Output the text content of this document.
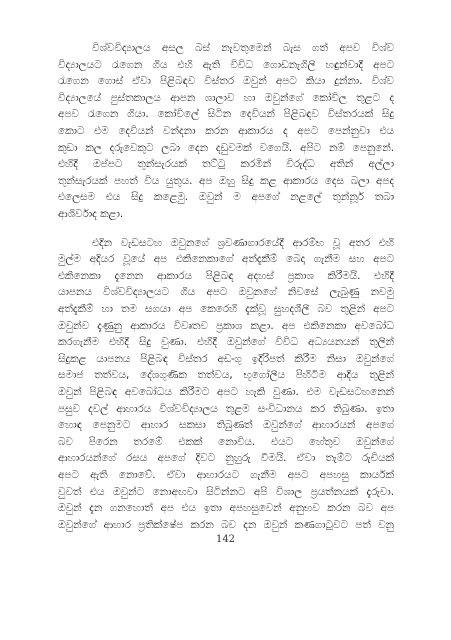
විශ්වවිද්‍යාලය අසල බස් නැවතුමෙන් බැස ගත් අපව විශ්ව
විද්‍යාලයට රැගෙන ගිය එහි ඇති විවිධ ගොඩනැගිලි හඳුන්වාදී අපට
රැගෙන ගොස් ඒවා පිළිබඳව විස්තර ඔවුන් අපට කියා දුන්නා. විශ්ව
විද්‍යාලයේ පුස්තකාලය ආපන ශාලාව හා ඔවුන්ගේ කෝවිල තුළට ද
අපව රැගෙන ගියා. කෝවිලේ සිටින දෙවියන් පිළිබඳව විස්තරයක් සිදු
කොට එම දෙවියන් වන්දනා කරන ආකාරය ද අපට පෙන්නුවා එය
කුඩා කල දරුවෙකුට ලබා දෙන දඩුවමක් වගෙයි. අපිට නම් පෙනුනේ.
එහිදී ඔප්පට තුන්සැරයක් තට්ටු කරමින් විරුද්ධ අතින් අල්ලා
තුන්සැරයක් පහත් විය යුතුය. අප ඔහු සිදු කළ ආකාරය දෙස බලා අපද
එලෙසම එය සිදු කළෙමු. ඔවුන් ම අපගේ නළලේ තුන්නූර් තබා
ආශිර්වාද කළා.
එදින වැඩසටහ ඔවුනගේ ශ්‍රවණාගාරයේදී ආරම්භ වූ අතර එහි
මුල්ම අදියර වූයේ අප එකිනෙකාගේ අත්දැකීම් බෙදා ගැනීම සහ අපට
එකිනෙකා දැනෙන ආකාරය පිළිබඳ අදහස් ප්‍රකාශ කිරීමයි. එහිදී
යාපනය විශ්වවිද්‍යාලයට ගිය අපට ඔවුනගේ නිවසේ ලැබුණු නවමු
අත්දැකීම් හා තම සගයා අප කෙරෙහි දැක්වූ සුහදශීලී බව තුළින් අපට
ඔවුන්ව දැණුනු ආකාරය විවෘතව ප්‍රකාශ කළා. අප එකිනෙකා අවබෝධ
කරගැනීම එහිදී සිදු වුණා. එහිදී ඔවුන්ගේ විවිධ අධ්‍යයනයන් තුලින්
සිදුකළ යාපනය පිළිබඳ විස්තර අඩංගු ඉදිරිපත් කිරීම නිසා ඔවුන්ගේ
සමාජ තත්වය, දේශගුණික තත්වය, භූගෝලීය පිහිටීම ආදිය තුළින්
ඔවුන් පිළිබඳ අවබෝධය කිරීමට අපට හැකි වුණා. එම වැඩසටහනෙන්
පසුව දවල් ආහාරය විශ්වවිද්‍යාලය තුළම සංවිධානය කර තිබුණා. ඉතා
හොඳ පෙනුමට ආහාර සකසා තිබුණත් ඔවුන්ගේ ආහාරයන් අපගේ
බව පිරෙන තරමේ එකක් නොවිය. එයට හේතුව ඔවුන්ගේ
ආහාරයන්ගේ රසය අපගේ දිවට නුහුරු වීමයි. ඒවා තැම්ට රුචියක්
අපට ඇති නොවේ. ඒවා ආහාරයට ගැනීම අපට අපහසු කාර්යක්
වුවත් එය ඔවුන්ට නොඅඟවා සිටින්නට අපි විශාල ප්‍රයත්නයක් දැරුවා.
ඔවුන් දැන ගනහොත් අප එය ඉතා අපහසුවෙන් අනුභව කරන බව අප
ඔවුන්ගේ ආහාර ප්‍රතික්ෂේප කරන බව දන ඔවුන් කණගාටුවට පත් වනු
142
